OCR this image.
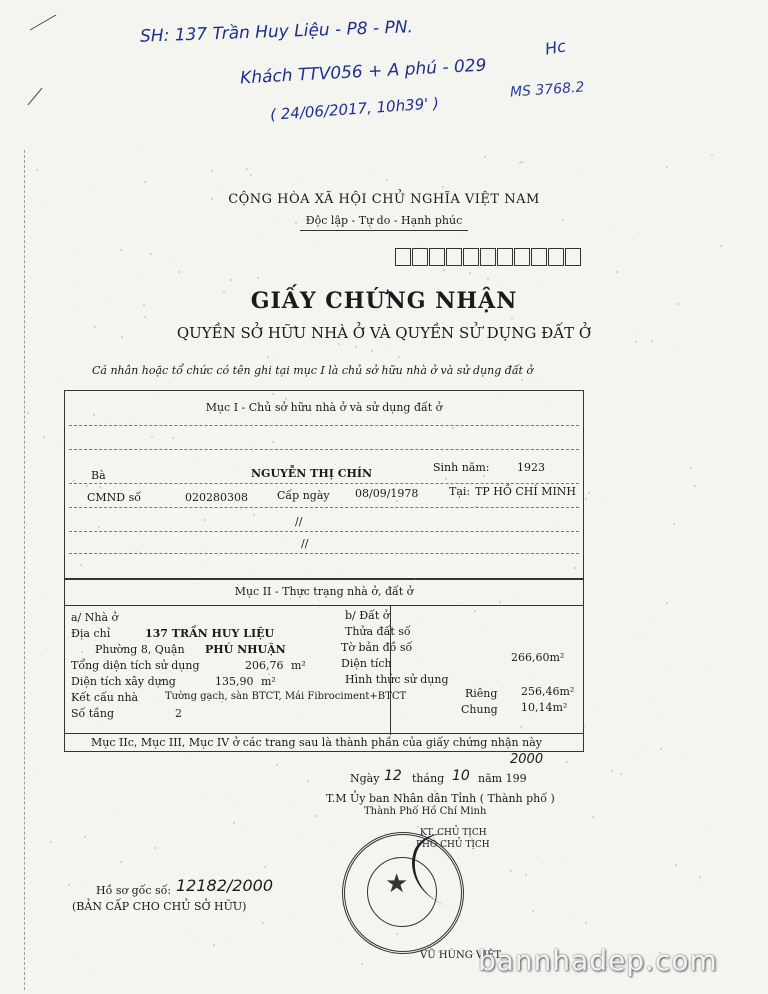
SH: 137 Trần Huy Liệu - P8 - PN.
Khách TTV056 + A phú - 029
( 24/06/2017, 10h39' )
Hc
MS 3768.2
CỘNG HÒA XÃ HỘI CHỦ NGHĨA VIỆT NAM
Độc lập - Tự do - Hạnh phúc
GIẤY CHỨNG NHẬN
QUYỀN SỞ HỮU NHÀ Ở VÀ QUYỀN SỬ DỤNG ĐẤT Ở
Cá nhân hoặc tổ chức có tên ghi tại mục I là chủ sở hữu nhà ở và sử dụng đất ở
Mục I - Chủ sở hữu nhà ở và sử dụng đất ở
Bà	NGUYỄN THỊ CHÍN	Sinh năm:	1923
CMND số	020280308	Cấp ngày 08/09/1978	Tại: TP HỒ CHÍ MINH
//
//
Mục II - Thực trạng nhà ở, đất ở
a/ Nhà ở
Địa chỉ	137 TRẦN HUY LIỆU
Phường 8, Quận PHÚ NHUẬN
Tổng diện tích sử dụng	206,76 m²
Diện tích xây dựng	135,90 m²
Kết cấu nhà	Tường gạch, sàn BTCT, Mái Fibrociment+BTCT
Số tầng	2
b/ Đất ở
Thửa đất số
Tờ bản đồ số
Diện tích	266,60m²
Hình thức sử dụng
Riêng 256,46m²
Chung 10,14m²
Mục IIc, Mục III, Mục IV ở các trang sau là thành phần của giấy chứng nhận này
2000
Ngày 12 tháng 10 năm 199
T.M Ủy ban Nhân dân Tỉnh ( Thành phố )
Thành Phố Hồ Chí Minh
KT. CHỦ TỊCH
PHÓ CHỦ TỊCH
★
Hồ sơ gốc số: 12182/2000
(BẢN CẤP CHO CHỦ SỞ HỮU)
VŨ HÙNG VIỆT
bannhadep.com
